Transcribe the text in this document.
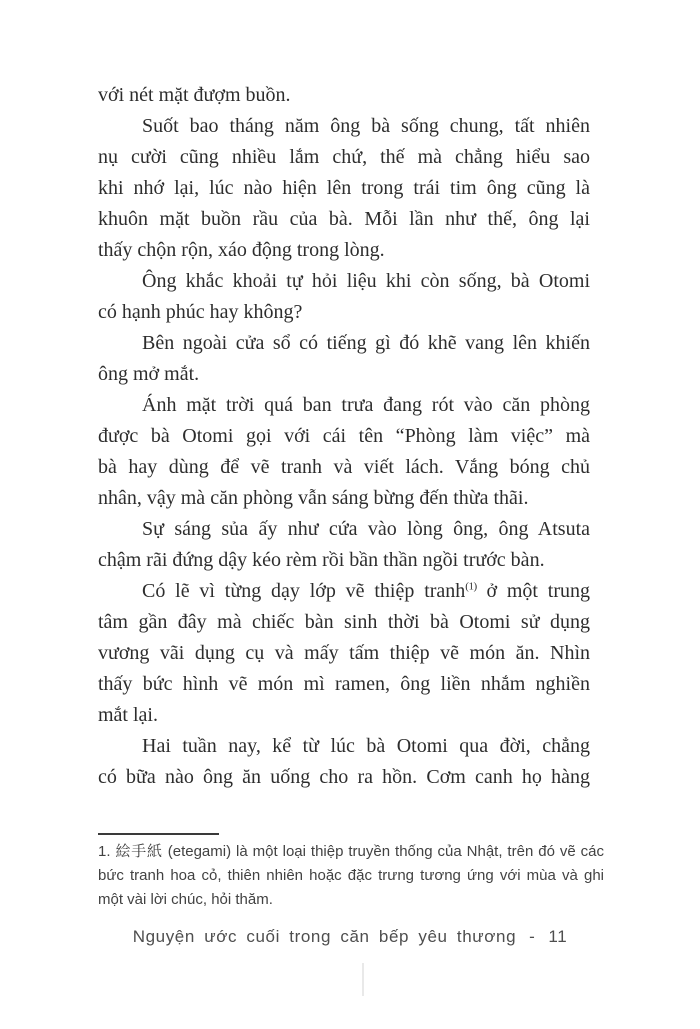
với nét mặt đượm buồn.
Suốt bao tháng năm ông bà sống chung, tất nhiên
nụ cười cũng nhiều lắm chứ, thế mà chẳng hiểu sao
khi nhớ lại, lúc nào hiện lên trong trái tim ông cũng là
khuôn mặt buồn rầu của bà. Mỗi lần như thế, ông lại
thấy chộn rộn, xáo động trong lòng.
Ông khắc khoải tự hỏi liệu khi còn sống, bà Otomi
có hạnh phúc hay không?
Bên ngoài cửa sổ có tiếng gì đó khẽ vang lên khiến
ông mở mắt.
Ánh mặt trời quá ban trưa đang rót vào căn phòng
được bà Otomi gọi với cái tên “Phòng làm việc” mà
bà hay dùng để vẽ tranh và viết lách. Vắng bóng chủ
nhân, vậy mà căn phòng vẫn sáng bừng đến thừa thãi.
Sự sáng sủa ấy như cứa vào lòng ông, ông Atsuta
chậm rãi đứng dậy kéo rèm rồi bần thần ngồi trước bàn.
Có lẽ vì từng dạy lớp vẽ thiệp tranh$^{(1)}$ ở một trung
tâm gần đây mà chiếc bàn sinh thời bà Otomi sử dụng
vương vãi dụng cụ và mấy tấm thiệp vẽ món ăn. Nhìn
thấy bức hình vẽ món mì ramen, ông liền nhắm nghiền
mắt lại.
Hai tuần nay, kể từ lúc bà Otomi qua đời, chẳng
có bữa nào ông ăn uống cho ra hồn. Cơm canh họ hàng
1. 絵手紙 (etegami) là một loại thiệp truyền thống của Nhật, trên đó vẽ các bức tranh hoa cỏ, thiên nhiên hoặc đặc trưng tương ứng với mùa và ghi một vài lời chúc, hỏi thăm.
Nguyện ước cuối trong căn bếp yêu thương - 11
